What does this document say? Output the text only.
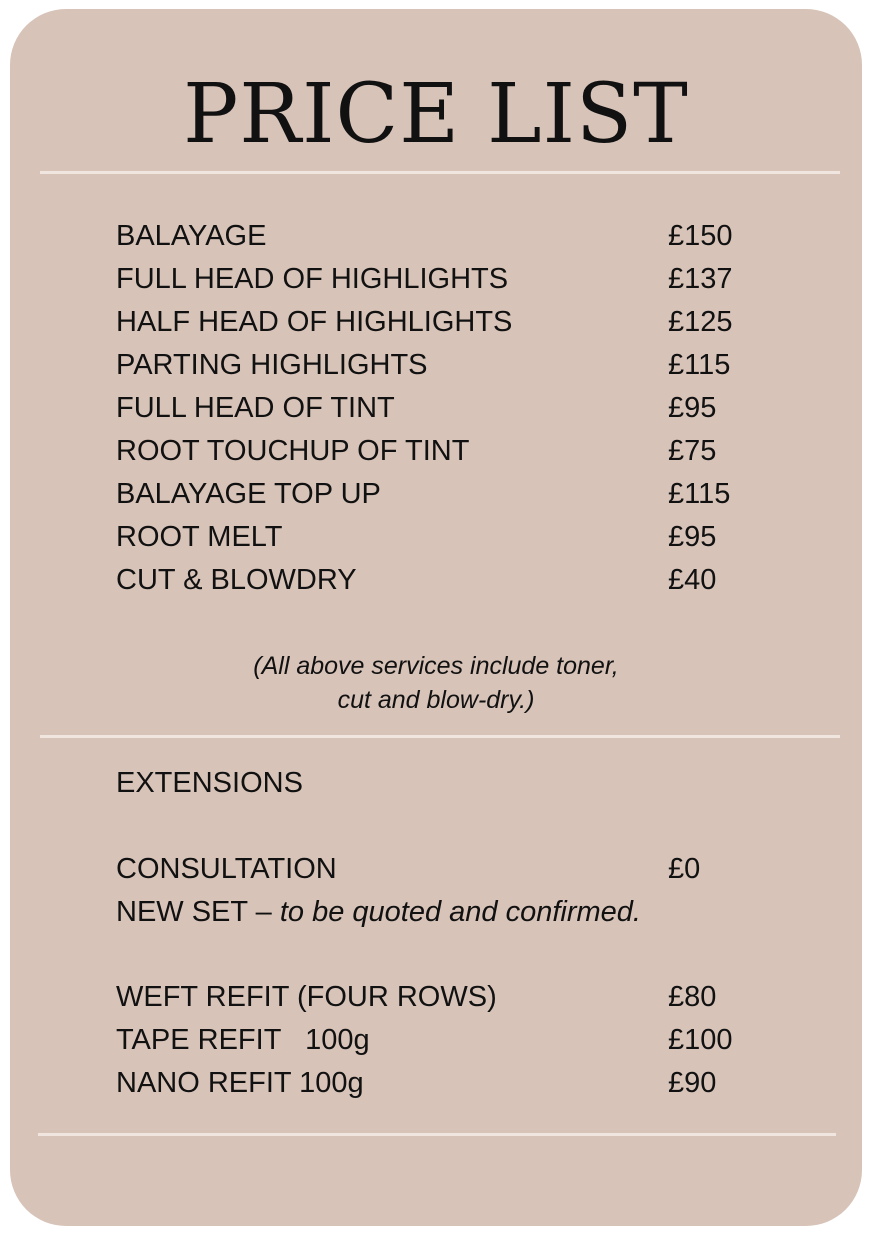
PRICE LIST
BALAYAGE	£150
FULL HEAD OF HIGHLIGHTS	£137
HALF HEAD OF HIGHLIGHTS	£125
PARTING HIGHLIGHTS	£115
FULL HEAD OF TINT	£95
ROOT TOUCHUP OF TINT	£75
BALAYAGE TOP UP	£115
ROOT MELT	£95
CUT & BLOWDRY	£40
(All above services include toner,
cut and blow-dry.)
EXTENSIONS
CONSULTATION	£0
NEW SET – to be quoted and confirmed.
WEFT REFIT (FOUR ROWS)	£80
TAPE REFIT   100g	£100
NANO REFIT 100g	£90
